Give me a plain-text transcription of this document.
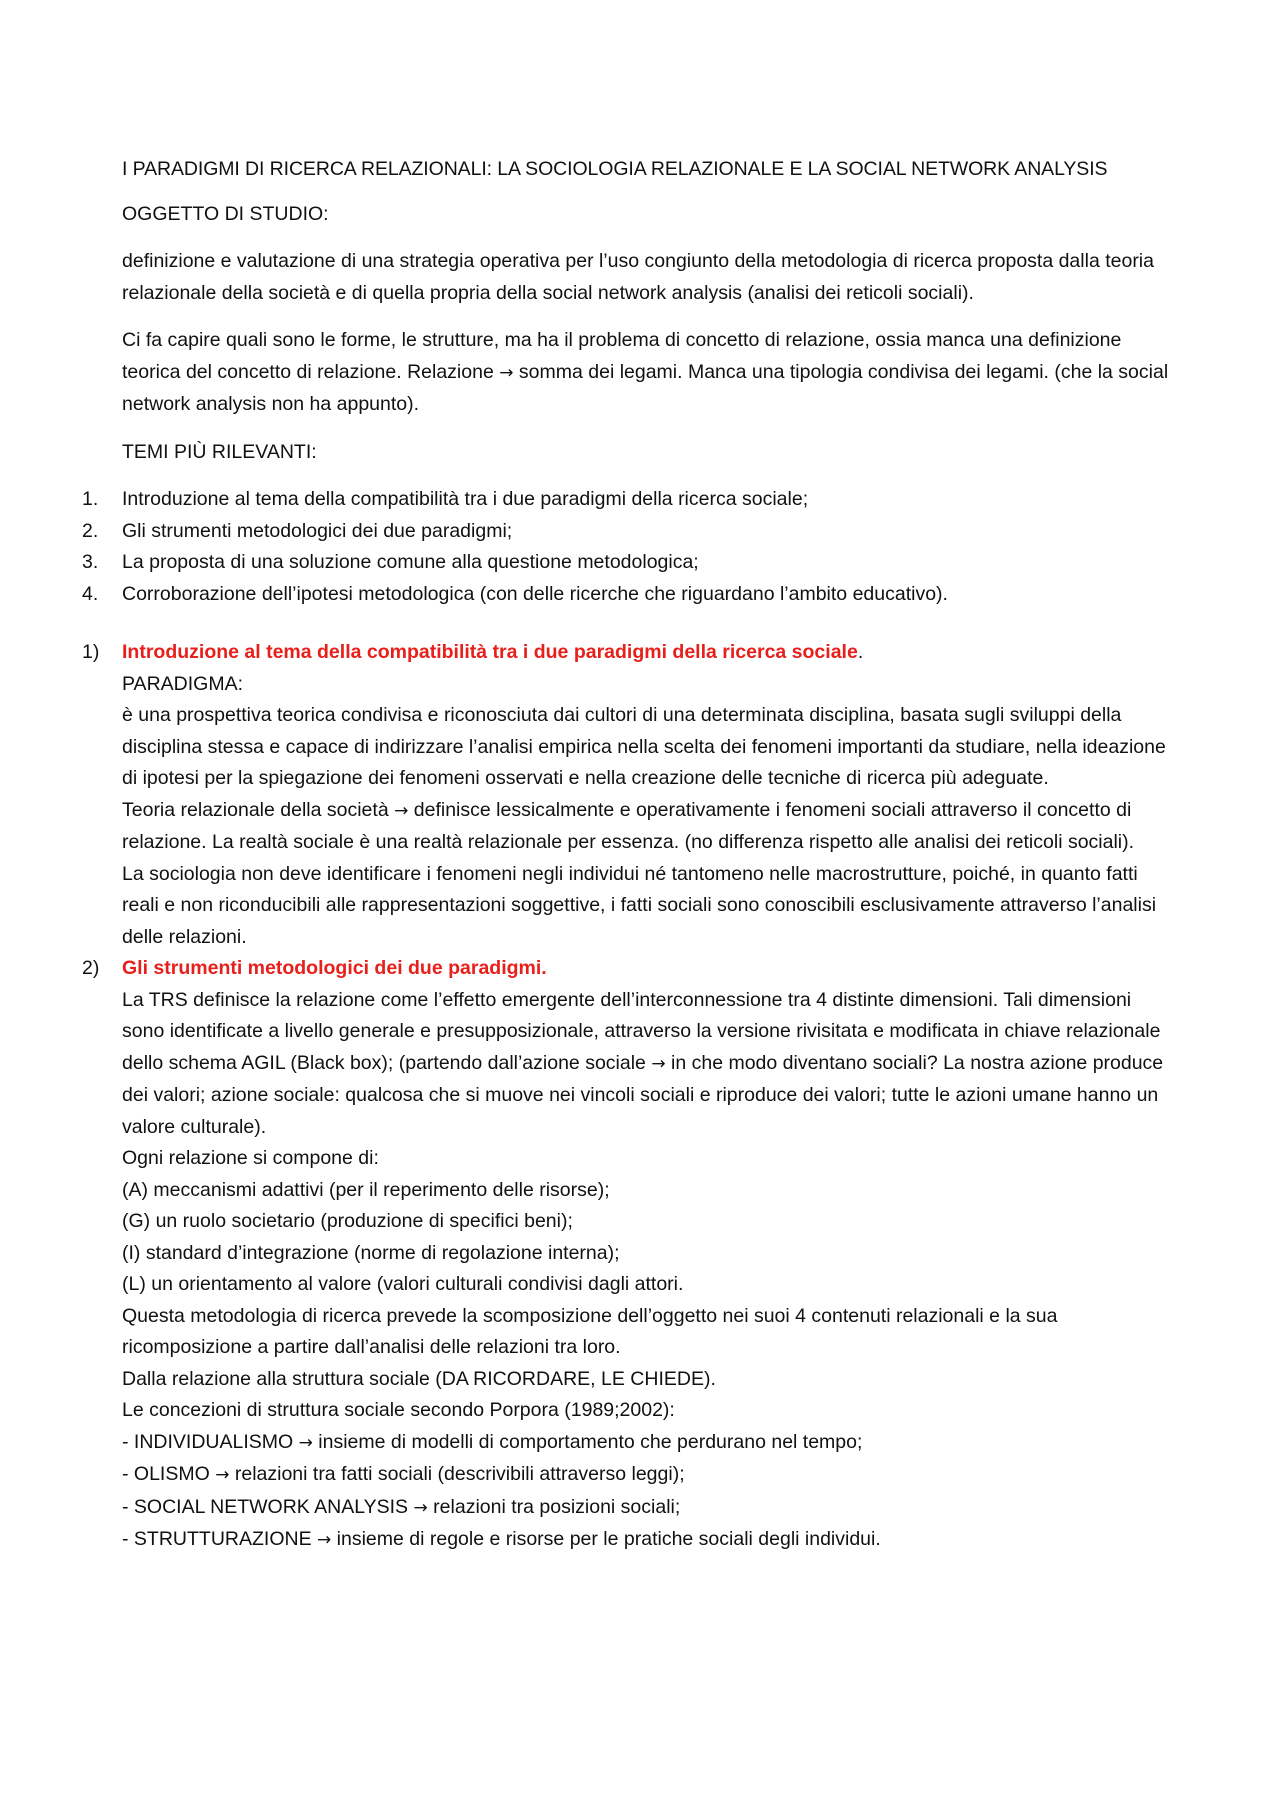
I PARADIGMI DI RICERCA RELAZIONALI: LA SOCIOLOGIA RELAZIONALE E LA SOCIAL NETWORK ANALYSIS

OGGETTO DI STUDIO:

definizione e valutazione di una strategia operativa per l’uso congiunto della metodologia di ricerca proposta dalla teoria relazionale della società e di quella propria della social network analysis (analisi dei reticoli sociali).

Ci fa capire quali sono le forme, le strutture, ma ha il problema di concetto di relazione, ossia manca una definizione teorica del concetto di relazione. Relazione → somma dei legami. Manca una tipologia condivisa dei legami. (che la social network analysis non ha appunto).

TEMI PIÙ RILEVANTI:

1.	Introduzione al tema della compatibilità tra i due paradigmi della ricerca sociale;
2.	Gli strumenti metodologici dei due paradigmi;
3.	La proposta di una soluzione comune alla questione metodologica;
4.	Corroborazione dell’ipotesi metodologica (con delle ricerche che riguardano l’ambito educativo).
1)	Introduzione al tema della compatibilità tra i due paradigmi della ricerca sociale.

PARADIGMA:

è una prospettiva teorica condivisa e riconosciuta dai cultori di una determinata disciplina, basata sugli sviluppi della disciplina stessa e capace di indirizzare l’analisi empirica nella scelta dei fenomeni importanti da studiare, nella ideazione di ipotesi per la spiegazione dei fenomeni osservati e nella creazione delle tecniche di ricerca più adeguate.

Teoria relazionale della società → definisce lessicalmente e operativamente i fenomeni sociali attraverso il concetto di relazione. La realtà sociale è una realtà relazionale per essenza. (no differenza rispetto alle analisi dei reticoli sociali).

La sociologia non deve identificare i fenomeni negli individui né tantomeno nelle macrostrutture, poiché, in quanto fatti reali e non riconducibili alle rappresentazioni soggettive, i fatti sociali sono conoscibili esclusivamente attraverso l’analisi delle relazioni.

2)	Gli strumenti metodologici dei due paradigmi.

La TRS definisce la relazione come l’effetto emergente dell’interconnessione tra 4 distinte dimensioni. Tali dimensioni sono identificate a livello generale e presupposizionale, attraverso la versione rivisitata e modificata in chiave relazionale dello schema AGIL (Black box); (partendo dall’azione sociale → in che modo diventano sociali? La nostra azione produce dei valori; azione sociale: qualcosa che si muove nei vincoli sociali e riproduce dei valori; tutte le azioni umane hanno un valore culturale).

Ogni relazione si compone di:

(A) meccanismi adattivi (per il reperimento delle risorse);

(G) un ruolo societario (produzione di specifici beni);

(I) standard d’integrazione (norme di regolazione interna);

(L) un orientamento al valore (valori culturali condivisi dagli attori.

Questa metodologia di ricerca prevede la scomposizione dell’oggetto nei suoi 4 contenuti relazionali e la sua ricomposizione a partire dall’analisi delle relazioni tra loro.

Dalla relazione alla struttura sociale (DA RICORDARE, LE CHIEDE).

Le concezioni di struttura sociale secondo Porpora (1989;2002):

- INDIVIDUALISMO → insieme di modelli di comportamento che perdurano nel tempo;

- OLISMO → relazioni tra fatti sociali (descrivibili attraverso leggi);

- SOCIAL NETWORK ANALYSIS → relazioni tra posizioni sociali;

- STRUTTURAZIONE → insieme di regole e risorse per le pratiche sociali degli individui.
